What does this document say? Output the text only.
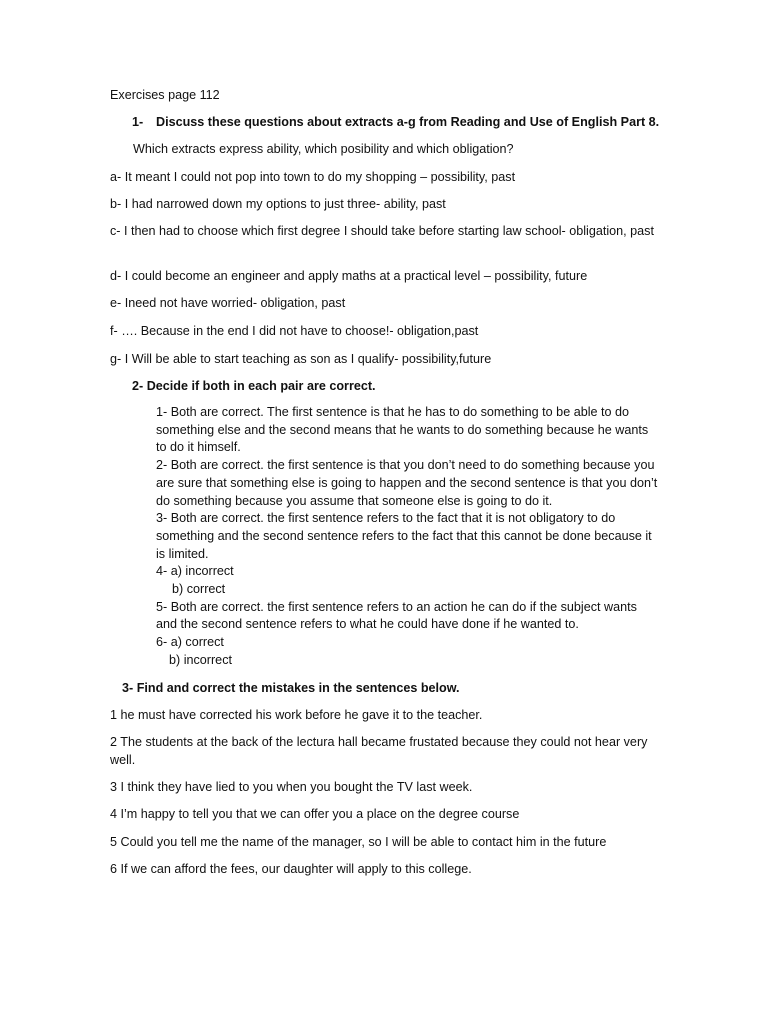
Exercises page 112
1- Discuss these questions about extracts a-g from Reading and Use of English Part 8.
Which extracts express ability, which posibility and which obligation?
a- It meant I could not pop into town to do my shopping – possibility, past
b- I had narrowed down my options to just three- ability, past
c- I then had to choose which first degree I should take before starting law school- obligation, past
d- I could become an engineer and apply maths at a practical level – possibility, future
e- Ineed not have worried- obligation, past
f- …. Because in the end I did not have to choose!- obligation,past
g- I Will be able to start teaching as son as I qualify- possibility,future
2- Decide if both in each pair are correct.
1- Both are correct. The first sentence is that he has to do something to be able to do something else and the second means that he wants to do something because he wants to do it himself.
2- Both are correct. the first sentence is that you don’t need to do something because you are sure that something else is going to happen and the second sentence is that you don’t do something because you assume that someone else is going to do it.
3- Both are correct. the first sentence refers to the fact that it is not obligatory to do something and the second sentence refers to the fact that this cannot be done because it is limited.
4- a) incorrect
b) correct
5- Both are correct. the first sentence refers to an action he can do if the subject wants and the second sentence refers to what he could have done if he wanted to.
6- a) correct
b) incorrect
3- Find and correct the mistakes in the sentences below.
1 he must have corrected his work before he gave it to the teacher.
2 The students at the back of the lectura hall became frustated because they could not hear very well.
3 I think they have lied to you when you bought the TV last week.
4 I’m happy to tell you that we can offer you a place on the degree course
5 Could you tell me the name of the manager, so I will be able to contact him in the future
6 If we can afford the fees, our daughter will apply to this college.
